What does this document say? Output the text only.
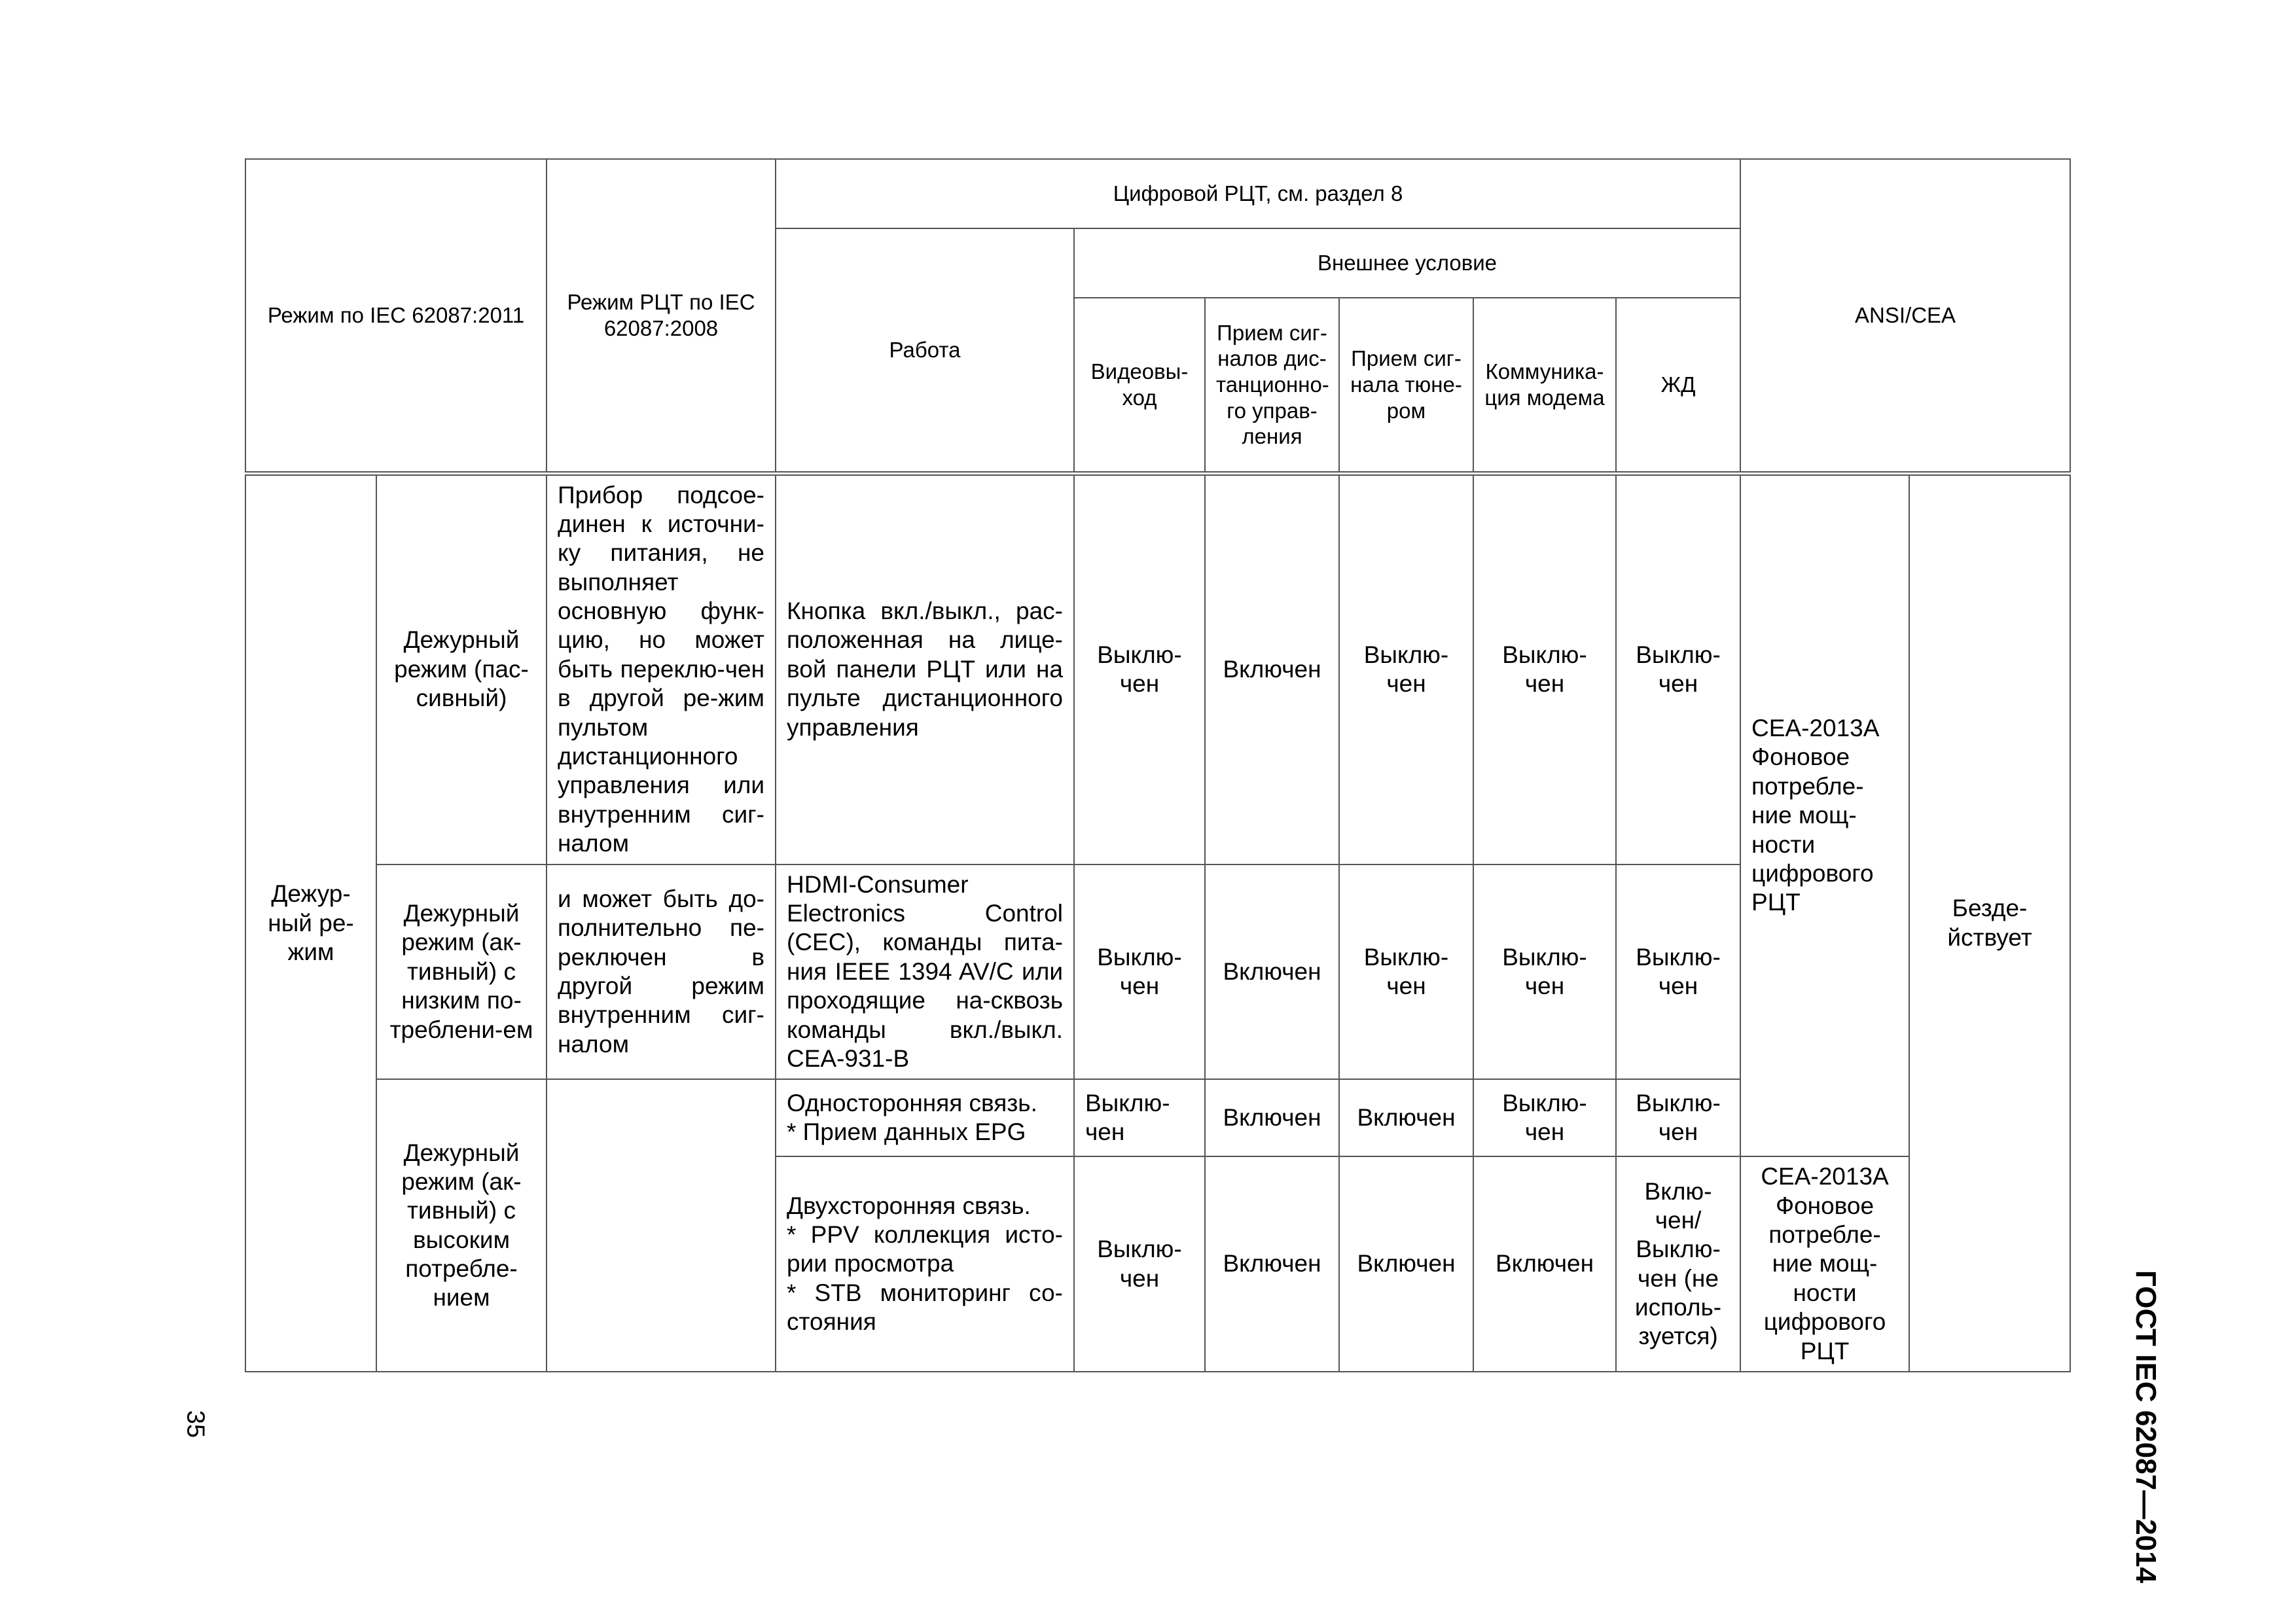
Режим по IEC 62087:2011		Режим РЦТ по IEC 62087:2008	Цифровой РЦТ, см. раздел 8						ANSI/CEA	
			Работа	Внешнее условие						
				Видеовы-ход	Прием сиг-налов дис-танционно-го управ-ления	Прием сиг-нала тюне-ром	Коммуника-ция модема	ЖД		
Дежур-ный ре-жим	Дежурный режим (пас-сивный)	Прибор подсое-динен к источни-ку питания, не выполняет основную функ-цию, но может быть переклю-чен в другой ре-жим пультом дистанционного управления или внутренним сиг-налом	Кнопка вкл./выкл., рас-положенная на лице-вой панели РЦТ или на пульте дистанционного управления	Выклю-чен	Включен	Выклю-чен	Выклю-чен	Выклю-чен	CEA-2013A Фоновое потребле-ние мощ-ности цифрового РЦТ	Безде-йствует
	Дежурный режим (ак-тивный) с низким по-треблени-ем	и может быть до-полнительно пе-реключен в другой режим внутренним сиг-налом	HDMI-Consumer Electronics Control (CEC), команды пита-ния IEEE 1394 AV/C или проходящие на-сквозь команды вкл./выкл. CEA-931-B	Выклю-чен	Включен	Выклю-чен	Выклю-чен	Выклю-чен		
	Дежурный режим (ак-тивный) с высоким потребле-нием		Односторонняя связь.
* Прием данных EPG	Выклю-чен	Включен	Включен	Выклю-чен	Выклю-чен		
			Двухсторонняя связь.
* PPV коллекция исто-рии просмотра
* STB мониторинг со-стояния	Выклю-чен	Включен	Включен	Включен	Вклю-чен/ Выклю-чен (не исполь-зуется)	CEA-2013A Фоновое потребле-ние мощ-ности цифрового РЦТ		ГОСТ IEC 62087—2014
35
